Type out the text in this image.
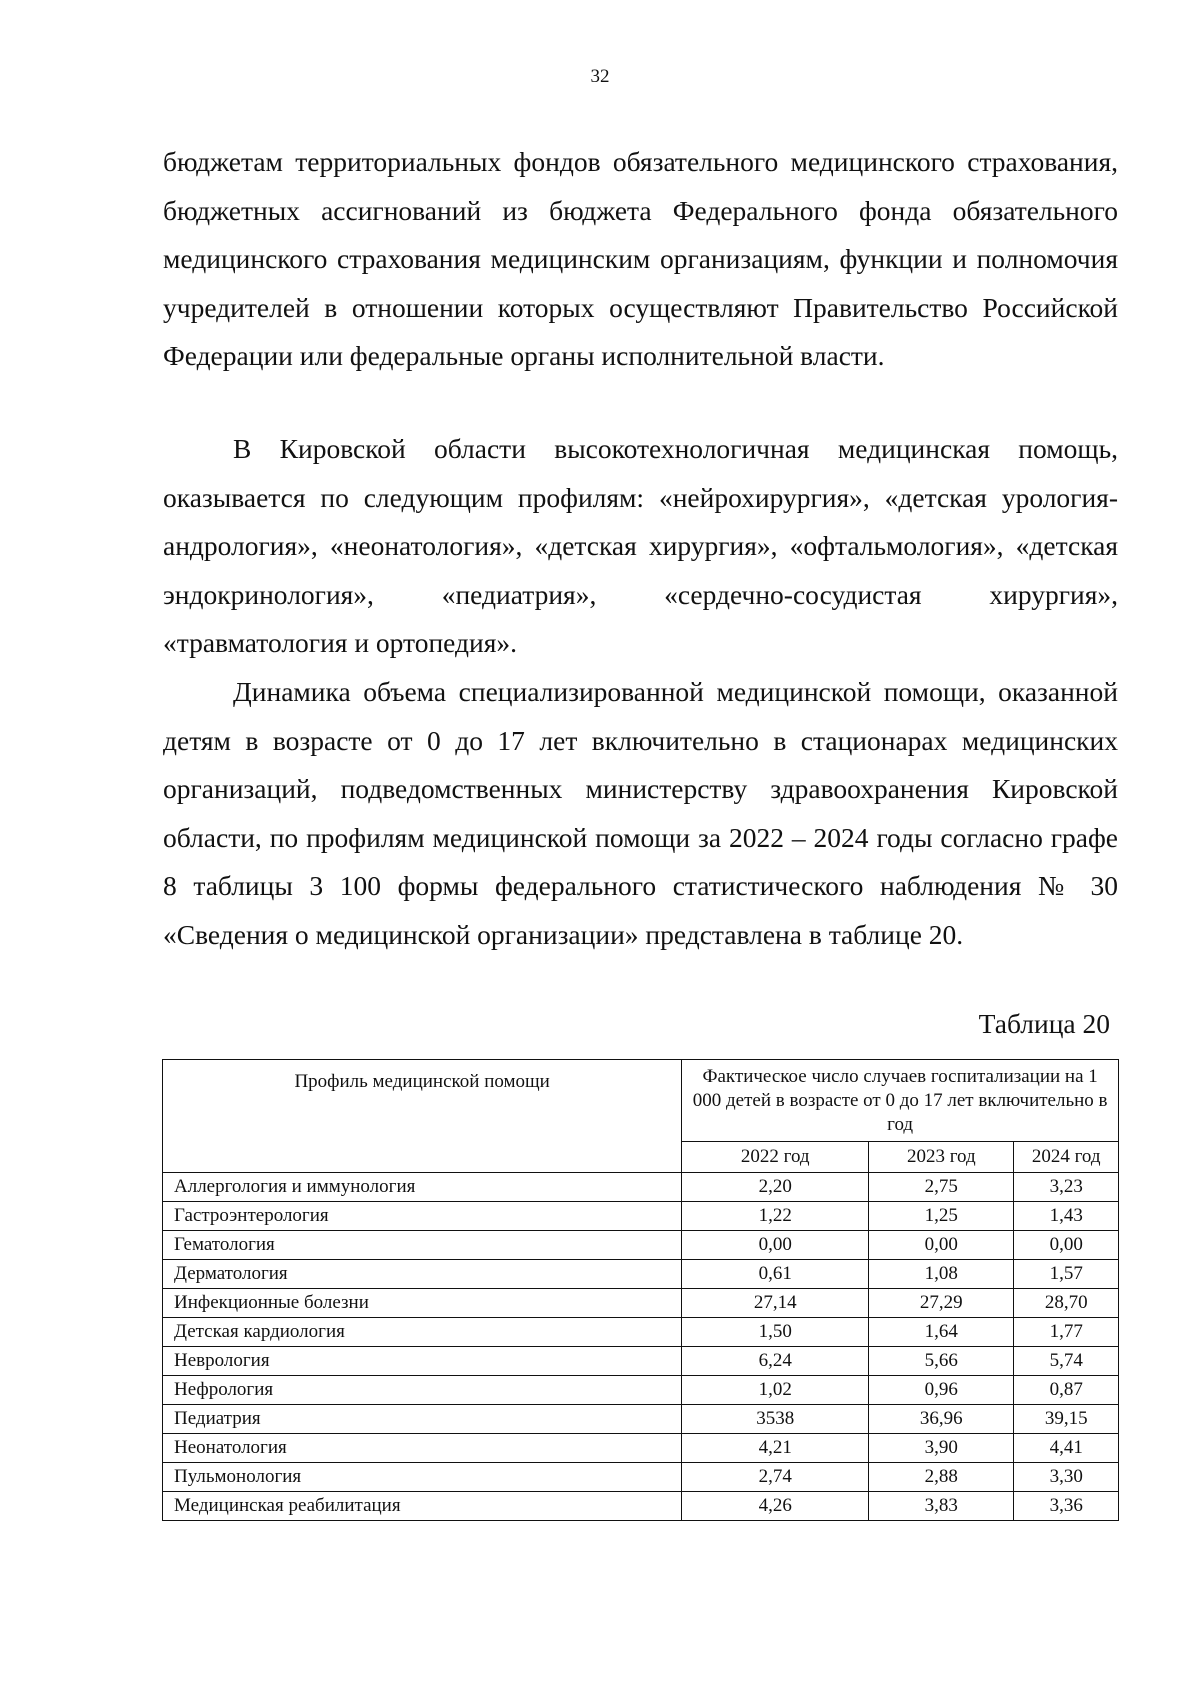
32

бюджетам территориальных фондов обязательного медицинского страхования, бюджетных ассигнований из бюджета Федерального фонда обязательного медицинского страхования медицинским организациям, функции и полномочия учредителей в отношении которых осуществляют Правительство Российской Федерации или федеральные органы исполнительной власти.

В Кировской области высокотехнологичная медицинская помощь, оказывается по следующим профилям: «нейрохирургия», «детская урология-андрология», «неонатология», «детская хирургия», «офтальмология», «детская эндокринология», «педиатрия», «сердечно-сосудистая хирургия», «травматология и ортопедия».

Динамика объема специализированной медицинской помощи, оказанной детям в возрасте от 0 до 17 лет включительно в стационарах медицинских организаций, подведомственных министерству здравоохранения Кировской области, по профилям медицинской помощи за 2022 – 2024 годы согласно графе 8 таблицы 3 100 формы федерального статистического наблюдения № 30 «Сведения о медицинской организации» представлена в таблице 20.

Таблица 20
Профиль медицинской помощи	Фактическое число случаев госпитализации на 1 000 детей в возрасте от 0 до 17 лет включительно в год		
	2022 год	2023 год	2024 год
Аллергология и иммунология	2,20	2,75	3,23
Гастроэнтерология	1,22	1,25	1,43
Гематология	0,00	0,00	0,00
Дерматология	0,61	1,08	1,57
Инфекционные болезни	27,14	27,29	28,70
Детская кардиология	1,50	1,64	1,77
Неврология	6,24	5,66	5,74
Нефрология	1,02	0,96	0,87
Педиатрия	3538	36,96	39,15
Неонатология	4,21	3,90	4,41
Пульмонология	2,74	2,88	3,30
Медицинская реабилитация	4,26	3,83	3,36
